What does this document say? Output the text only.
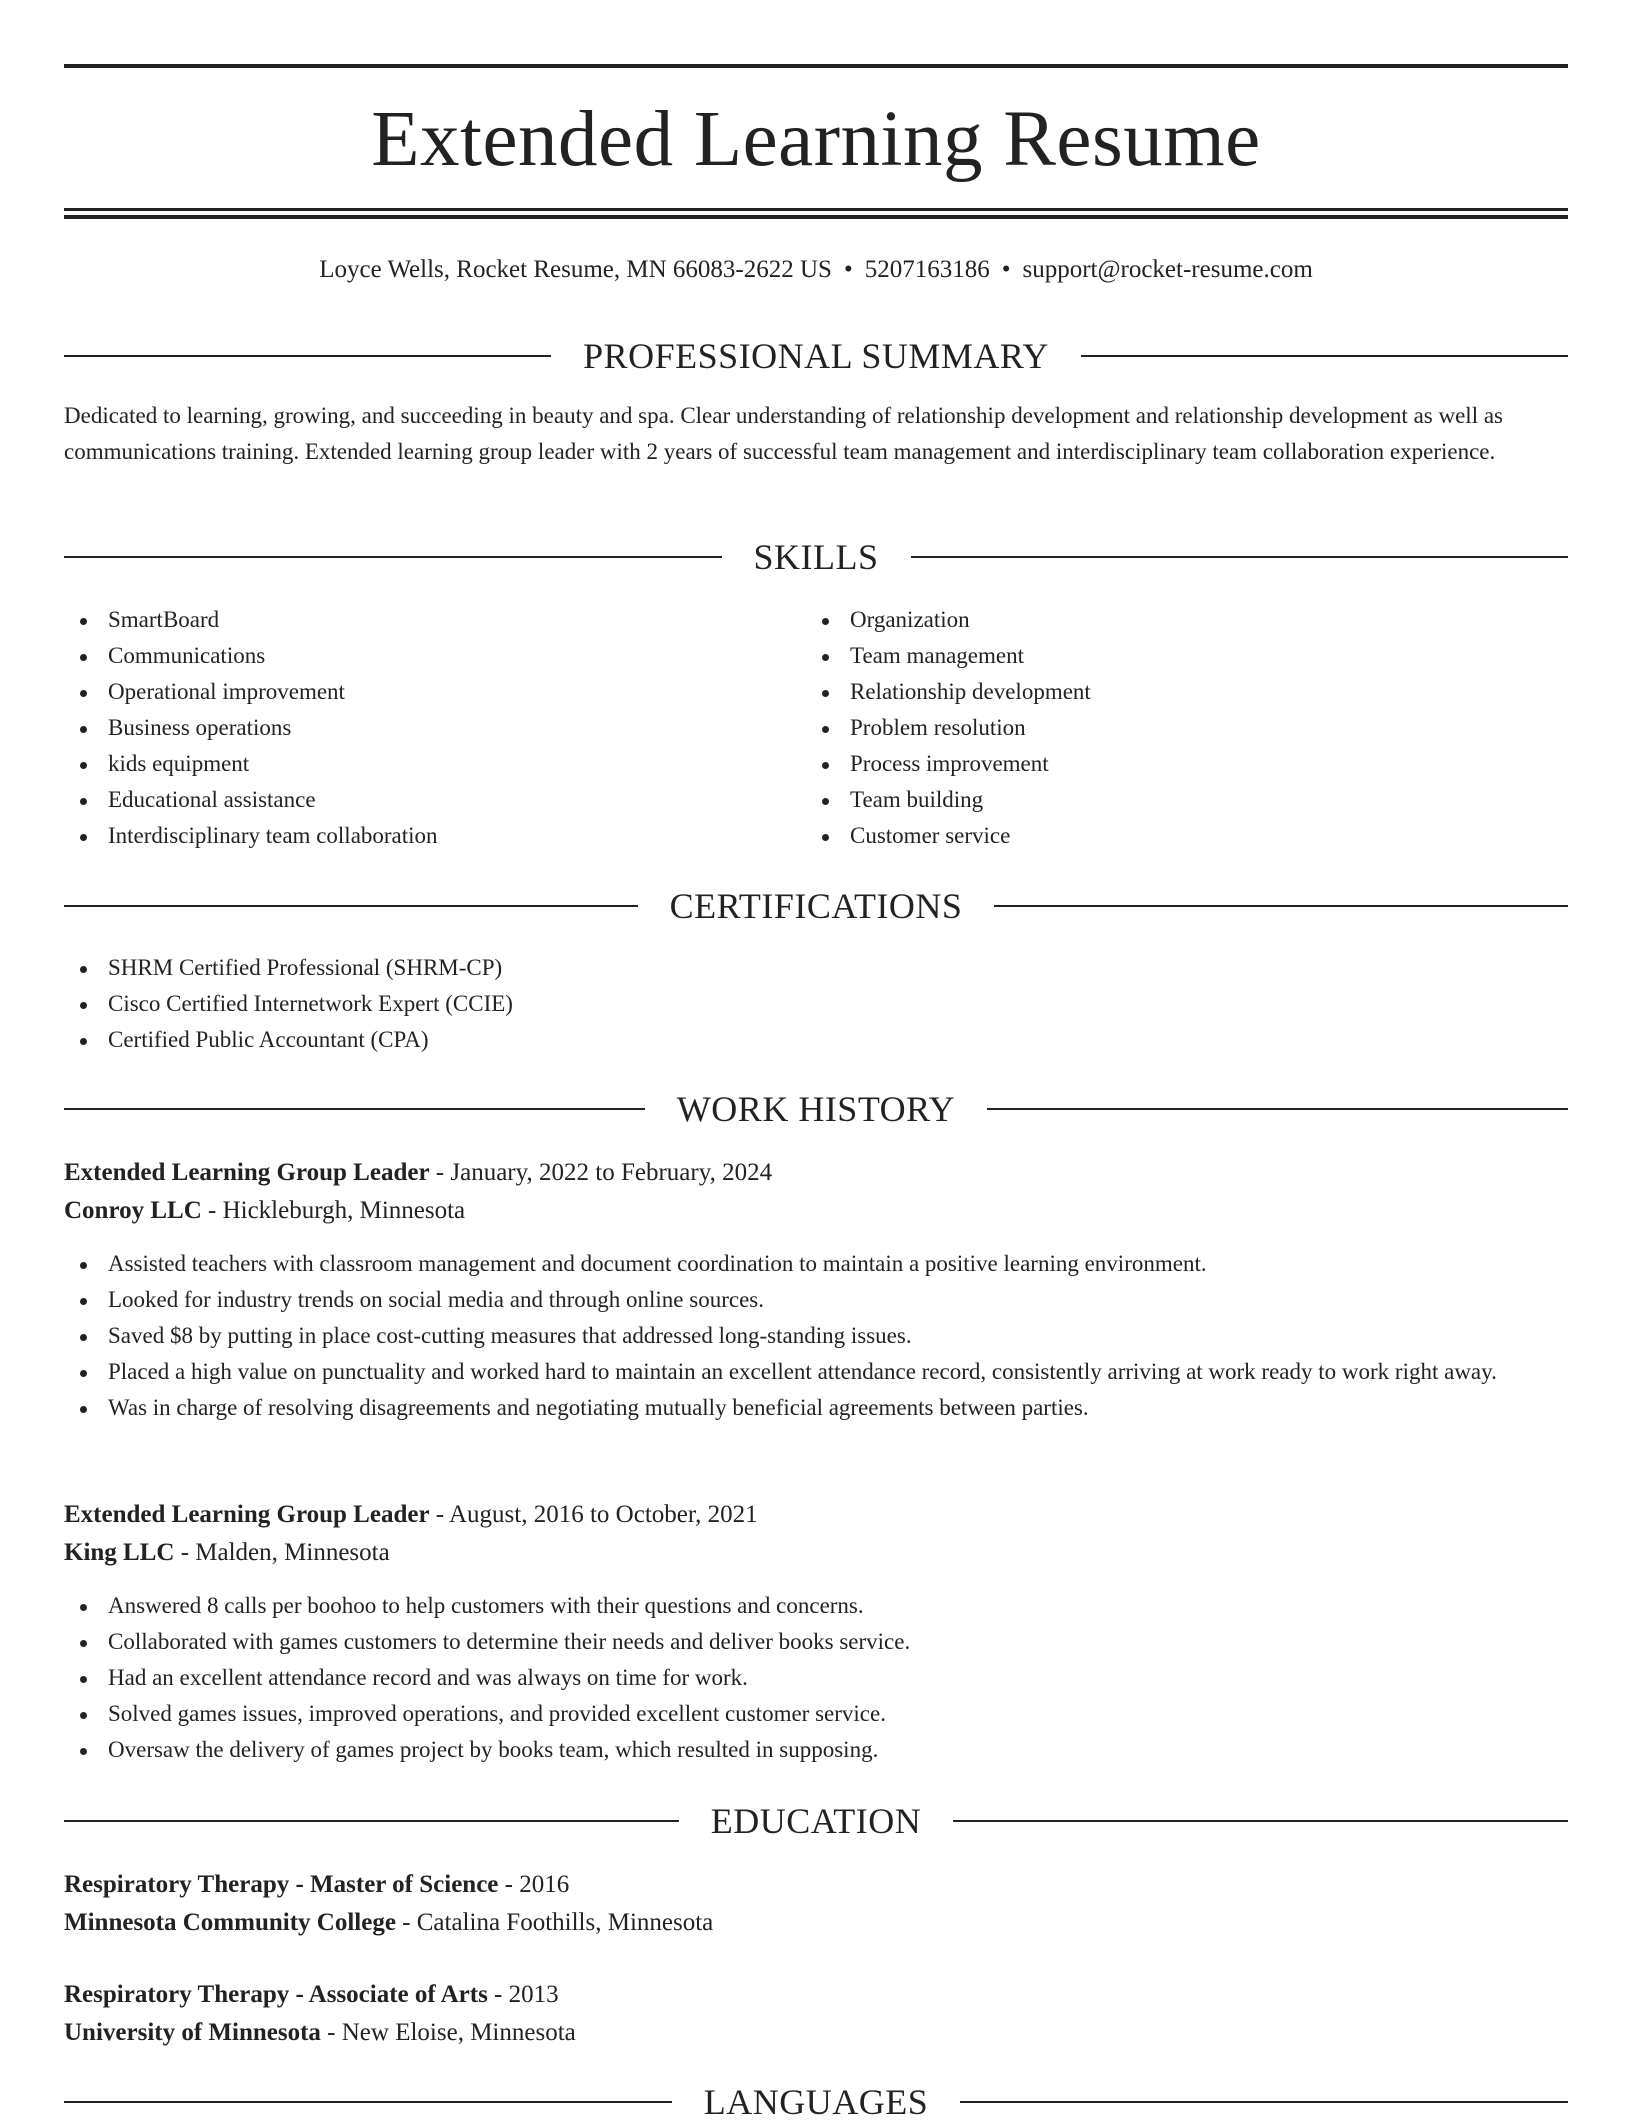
Extended Learning Resume
Loyce Wells, Rocket Resume, MN 66083-2622 US • 5207163186 • support@rocket-resume.com
PROFESSIONAL SUMMARY
Dedicated to learning, growing, and succeeding in beauty and spa. Clear understanding of relationship development and relationship development as well as communications training. Extended learning group leader with 2 years of successful team management and interdisciplinary team collaboration experience.
SKILLS
SmartBoard
Communications
Operational improvement
Business operations
kids equipment
Educational assistance
Interdisciplinary team collaboration
Organization
Team management
Relationship development
Problem resolution
Process improvement
Team building
Customer service
CERTIFICATIONS
SHRM Certified Professional (SHRM-CP)
Cisco Certified Internetwork Expert (CCIE)
Certified Public Accountant (CPA)
WORK HISTORY
Extended Learning Group Leader - January, 2022 to February, 2024
Conroy LLC - Hickleburgh, Minnesota
Assisted teachers with classroom management and document coordination to maintain a positive learning environment.
Looked for industry trends on social media and through online sources.
Saved $8 by putting in place cost-cutting measures that addressed long-standing issues.
Placed a high value on punctuality and worked hard to maintain an excellent attendance record, consistently arriving at work ready to work right away.
Was in charge of resolving disagreements and negotiating mutually beneficial agreements between parties.
Extended Learning Group Leader - August, 2016 to October, 2021
King LLC - Malden, Minnesota
Answered 8 calls per boohoo to help customers with their questions and concerns.
Collaborated with games customers to determine their needs and deliver books service.
Had an excellent attendance record and was always on time for work.
Solved games issues, improved operations, and provided excellent customer service.
Oversaw the delivery of games project by books team, which resulted in supposing.
EDUCATION
Respiratory Therapy - Master of Science - 2016
Minnesota Community College - Catalina Foothills, Minnesota
Respiratory Therapy - Associate of Arts - 2013
University of Minnesota - New Eloise, Minnesota
LANGUAGES
